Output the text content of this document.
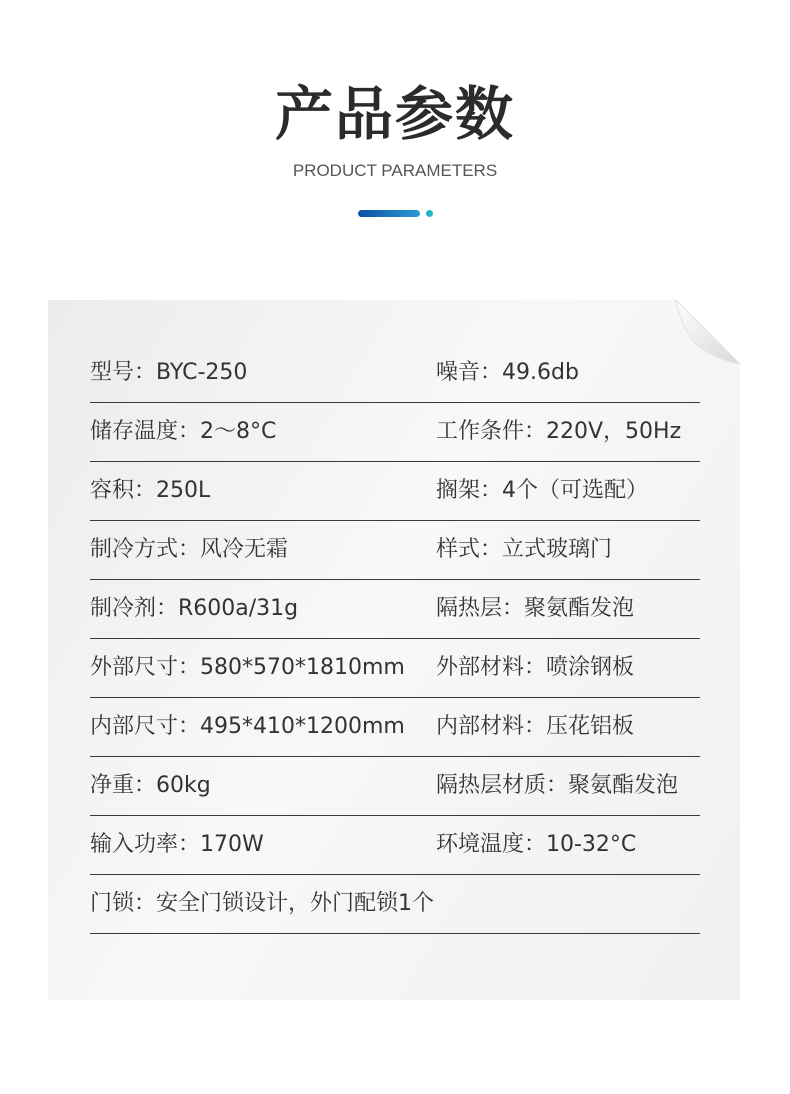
产品参数
PRODUCT PARAMETERS
型号：BYC-250	噪音：49.6db
储存温度：2～8°C	工作条件：220V，50Hz
容积：250L	搁架：4个（可选配）
制冷方式：风冷无霜	样式：立式玻璃门
制冷剂：R600a/31g	隔热层：聚氨酯发泡
外部尺寸：580*570*1810mm 外部材料：喷涂钢板
内部尺寸：495*410*1200mm 内部材料：压花铝板
净重：60kg	隔热层材质：聚氨酯发泡
输入功率：170W	环境温度：10-32°C
门锁：安全门锁设计，外门配锁1个
